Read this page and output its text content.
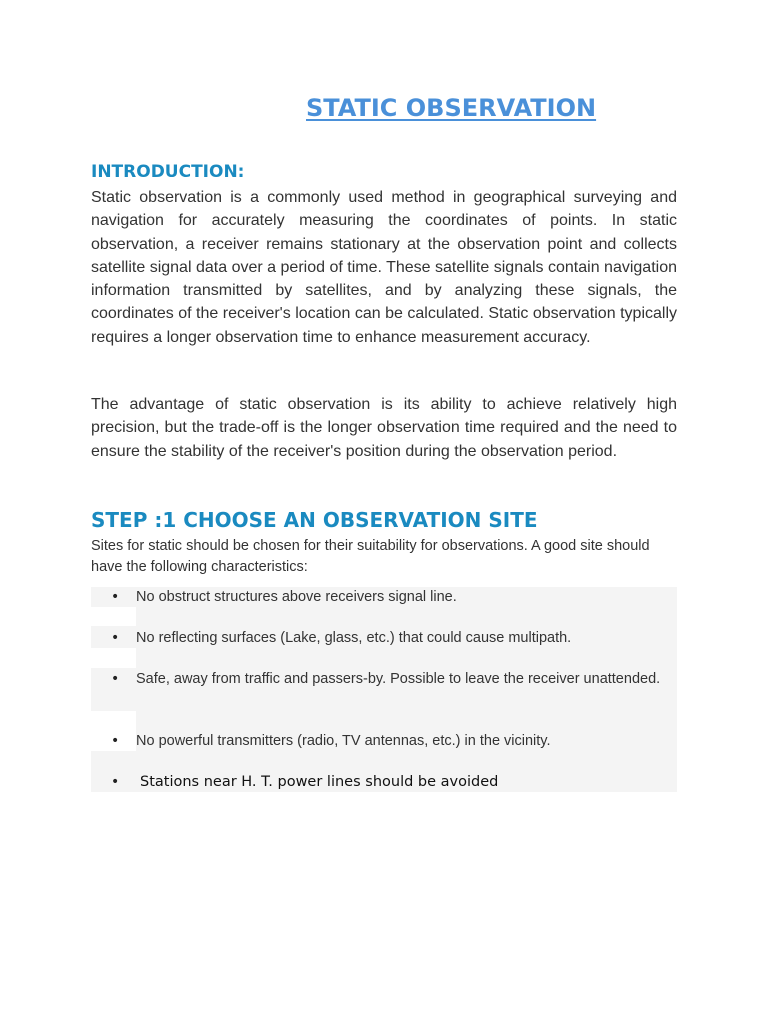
STATIC OBSERVATION
INTRODUCTION:

Static observation is a commonly used method in geographical surveying and navigation for accurately measuring the coordinates of points. In static observation, a receiver remains stationary at the observation point and collects satellite signal data over a period of time. These satellite signals contain navigation information transmitted by satellites, and by analyzing these signals, the coordinates of the receiver's location can be calculated. Static observation typically requires a longer observation time to enhance measurement accuracy.

The advantage of static observation is its ability to achieve relatively high precision, but the trade-off is the longer observation time required and the need to ensure the stability of the receiver's position during the observation period.

STEP :1 CHOOSE AN OBSERVATION SITE

Sites for static should be chosen for their suitability for observations. A good site should have the following characteristics:

• No obstruct structures above receivers signal line.
• No reflecting surfaces (Lake, glass, etc.) that could cause multipath.
• Safe, away from traffic and passers-by. Possible to leave the receiver unattended.
• No powerful transmitters (radio, TV antennas, etc.) in the vicinity.
• Stations near H. T. power lines should be avoided
